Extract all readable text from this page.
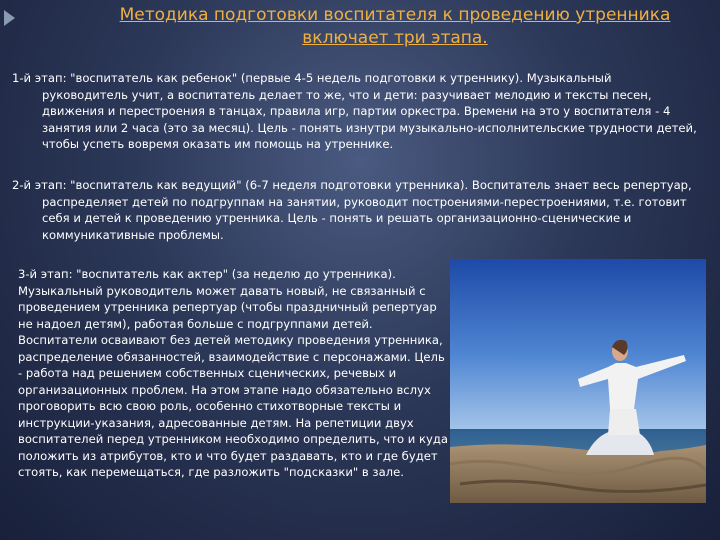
Методика подготовки воспитателя к проведению утренника
включает три этапа.
1-й этап: "воспитатель как ребенок" (первые 4-5 недель подготовки к утреннику). Музыкальный руководитель учит, а воспитатель делает то же, что и дети: разучивает мелодию и тексты песен, движения и перестроения в танцах, правила игр, партии оркестра. Времени на это у воспитателя - 4 занятия или 2 часа (это за месяц). Цель - понять изнутри музыкально-исполнительские трудности детей, чтобы успеть вовремя оказать им помощь на утреннике.
2-й этап: "воспитатель как ведущий" (6-7 неделя подготовки утренника). Воспитатель знает весь репертуар, распределяет детей по подгруппам на занятии, руководит построениями-перестроениями, т.е. готовит себя и детей к проведению утренника. Цель - понять и решать организационно-сценические и коммуникативные проблемы.
3-й этап: "воспитатель как актер" (за неделю до утренника). Музыкальный руководитель может давать новый, не связанный с проведением утренника репертуар (чтобы праздничный репертуар не надоел детям), работая больше с подгруппами детей. Воспитатели осваивают без детей методику проведения утренника, распределение обязанностей, взаимодействие с персонажами. Цель - работа над решением собственных сценических, речевых и организационных проблем. На этом этапе надо обязательно вслух проговорить всю свою роль, особенно стихотворные тексты и инструкции-указания, адресованные детям. На репетиции двух воспитателей перед утренником необходимо определить, что и куда положить из атрибутов, кто и что будет раздавать, кто и где будет стоять, как перемещаться, где разложить "подсказки" в зале.
